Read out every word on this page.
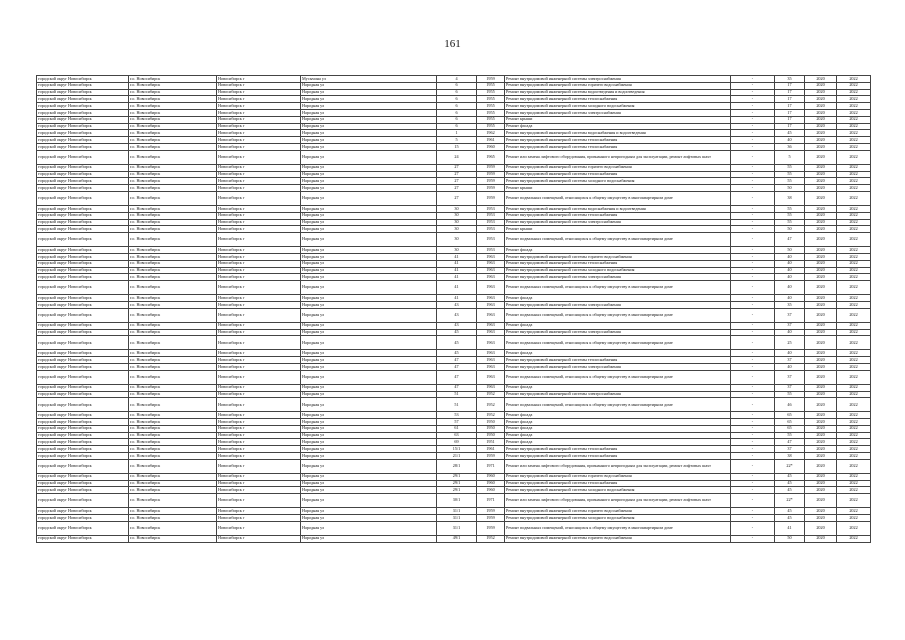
161
городской округ Новосибирск	г.о. Новосибирск	Новосибирск г	Мусычина ул	4	1959	Ремонт внутридомовой инженерной системы электроснабжения	-	35	2020	2022
городской округ Новосибирск	г.о. Новосибирск	Новосибирск г	Народная ул	6	1955	Ремонт внутридомовой инженерной системы горячего водоснабжения	-	17	2020	2022
городской округ Новосибирск	г.о. Новосибирск	Новосибирск г	Народная ул	6	1955	Ремонт внутридомовой инженерной системы водоотведения и водоотведения	-	17	2020	2022
городской округ Новосибирск	г.о. Новосибирск	Новосибирск г	Народная ул	6	1955	Ремонт внутридомовой инженерной системы теплоснабжения	-	17	2020	2022
городской округ Новосибирск	г.о. Новосибирск	Новосибирск г	Народная ул	6	1955	Ремонт внутридомовой инженерной системы холодного водоснабжения	-	17	2020	2022
городской округ Новосибирск	г.о. Новосибирск	Новосибирск г	Народная ул	6	1955	Ремонт внутридомовой инженерной системы электроснабжения	-	17	2020	2022
городской округ Новосибирск	г.о. Новосибирск	Новосибирск г	Народная ул	6	1955	Ремонт крыши	-	17	2020	2022
городской округ Новосибирск	г.о. Новосибирск	Новосибирск г	Народная ул	6	1955	Ремонт фасада	-	17	2020	2022
городской округ Новосибирск	г.о. Новосибирск	Новосибирск г	Народная ул	1	1962	Ремонт внутридомовой инженерной системы водоснабжения и водоотведения	-	45	2020	2022
городской округ Новосибирск	г.о. Новосибирск	Новосибирск г	Народная ул	5	1961	Ремонт внутридомовой инженерной системы теплоснабжения	-	40	2020	2022
городской округ Новосибирск	г.о. Новосибирск	Новосибирск г	Народная ул	15	1960	Ремонт внутридомовой инженерной системы теплоснабжения	-	36	2020	2022
городской округ Новосибирск	г.о. Новосибирск	Новосибирск г	Народная ул	24	1965	Ремонт или замена лифтового оборудования, признанного непригодным для эксплуатации, ремонт лифтовых шахт	-	5	2020	2022
городской округ Новосибирск	г.о. Новосибирск	Новосибирск г	Народная ул	27	1959	Ремонт внутридомовой инженерной системы горячего водоснабжения	-	55	2020	2022
городской округ Новосибирск	г.о. Новосибирск	Новосибирск г	Народная ул	27	1959	Ремонт внутридомовой инженерной системы теплоснабжения	-	55	2020	2022
городской округ Новосибирск	г.о. Новосибирск	Новосибирск г	Народная ул	27	1959	Ремонт внутридомовой инженерной системы холодного водоснабжения	-	55	2020	2022
городской округ Новосибирск	г.о. Новосибирск	Новосибирск г	Народная ул	27	1959	Ремонт крыши	-	50	2020	2022
городской округ Новосибирск	г.о. Новосибирск	Новосибирск г	Народная ул	27	1959	Ремонт подвальных помещений, относящихся к общему имуществу в многоквартирном доме	-	38	2020	2022
городской округ Новосибирск	г.о. Новосибирск	Новосибирск г	Народная ул	30	1953	Ремонт внутридомовой инженерной системы водоснабжения и водоотведения	-	55	2020	2022
городской округ Новосибирск	г.о. Новосибирск	Новосибирск г	Народная ул	30	1953	Ремонт внутридомовой инженерной системы теплоснабжения	-	55	2020	2022
городской округ Новосибирск	г.о. Новосибирск	Новосибирск г	Народная ул	30	1953	Ремонт внутридомовой инженерной системы электроснабжения	-	55	2020	2022
городской округ Новосибирск	г.о. Новосибирск	Новосибирск г	Народная ул	30	1953	Ремонт крыши	-	50	2020	2022
городской округ Новосибирск	г.о. Новосибирск	Новосибирск г	Народная ул	30	1953	Ремонт подвальных помещений, относящихся к общему имуществу в многоквартирном доме	-	47	2020	2022
городской округ Новосибирск	г.о. Новосибирск	Новосибирск г	Народная ул	30	1953	Ремонт фасада	-	50	2020	2022
городской округ Новосибирск	г.о. Новосибирск	Новосибирск г	Народная ул	41	1963	Ремонт внутридомовой инженерной системы горячего водоснабжения	-	40	2020	2022
городской округ Новосибирск	г.о. Новосибирск	Новосибирск г	Народная ул	41	1963	Ремонт внутридомовой инженерной системы теплоснабжения	-	40	2020	2022
городской округ Новосибирск	г.о. Новосибирск	Новосибирск г	Народная ул	41	1963	Ремонт внутридомовой инженерной системы холодного водоснабжения	-	40	2020	2022
городской округ Новосибирск	г.о. Новосибирск	Новосибирск г	Народная ул	41	1963	Ремонт внутридомовой инженерной системы электроснабжения	-	40	2020	2022
городской округ Новосибирск	г.о. Новосибирск	Новосибирск г	Народная ул	41	1963	Ремонт подвальных помещений, относящихся к общему имуществу в многоквартирном доме	-	40	2020	2022
городской округ Новосибирск	г.о. Новосибирск	Новосибирск г	Народная ул	41	1963	Ремонт фасада	-	40	2020	2022
городской округ Новосибирск	г.о. Новосибирск	Новосибирск г	Народная ул	43	1963	Ремонт внутридомовой инженерной системы электроснабжения	-	35	2020	2022
городской округ Новосибирск	г.о. Новосибирск	Новосибирск г	Народная ул	43	1963	Ремонт подвальных помещений, относящихся к общему имуществу в многоквартирном доме	-	37	2020	2022
городской округ Новосибирск	г.о. Новосибирск	Новосибирск г	Народная ул	43	1963	Ремонт фасада	-	37	2020	2022
городской округ Новосибирск	г.о. Новосибирск	Новосибирск г	Народная ул	45	1963	Ремонт внутридомовой инженерной системы электроснабжения	-	40	2020	2022
городской округ Новосибирск	г.о. Новосибирск	Новосибирск г	Народная ул	45	1963	Ремонт подвальных помещений, относящихся к общему имуществу в многоквартирном доме	-	25	2020	2022
городской округ Новосибирск	г.о. Новосибирск	Новосибирск г	Народная ул	45	1963	Ремонт фасада	-	40	2020	2022
городской округ Новосибирск	г.о. Новосибирск	Новосибирск г	Народная ул	47	1963	Ремонт внутридомовой инженерной системы теплоснабжения	-	37	2020	2022
городской округ Новосибирск	г.о. Новосибирск	Новосибирск г	Народная ул	47	1963	Ремонт внутридомовой инженерной системы электроснабжения	-	40	2020	2022
городской округ Новосибирск	г.о. Новосибирск	Новосибирск г	Народная ул	47	1963	Ремонт подвальных помещений, относящихся к общему имуществу в многоквартирном доме	-	37	2020	2022
городской округ Новосибирск	г.о. Новосибирск	Новосибирск г	Народная ул	47	1963	Ремонт фасада	-	37	2020	2022
городской округ Новосибирск	г.о. Новосибирск	Новосибирск г	Народная ул	51	1952	Ремонт внутридомовой инженерной системы электроснабжения	-	55	2020	2022
городской округ Новосибирск	г.о. Новосибирск	Новосибирск г	Народная ул	51	1952	Ремонт подвальных помещений, относящихся к общему имуществу в многоквартирном доме	-	46	2020	2022
городской округ Новосибирск	г.о. Новосибирск	Новосибирск г	Народная ул	53	1952	Ремонт фасада	-	65	2020	2022
городской округ Новосибирск	г.о. Новосибирск	Новосибирск г	Народная ул	57	1950	Ремонт фасада	-	65	2020	2022
городской округ Новосибирск	г.о. Новосибирск	Новосибирск г	Народная ул	61	1950	Ремонт фасада	-	65	2020	2022
городской округ Новосибирск	г.о. Новосибирск	Новосибирск г	Народная ул	63	1950	Ремонт фасада	-	55	2020	2022
городской округ Новосибирск	г.о. Новосибирск	Новосибирск г	Народная ул	69	1951	Ремонт фасада	-	47	2020	2022
городской округ Новосибирск	г.о. Новосибирск	Новосибирск г	Народная ул	15/1	1961	Ремонт внутридомовой инженерной системы теплоснабжения	-	37	2020	2022
городской округ Новосибирск	г.о. Новосибирск	Новосибирск г	Народная ул	21/1	1959	Ремонт внутридомовой инженерной системы теплоснабжения	-	38	2020	2022
городской округ Новосибирск	г.о. Новосибирск	Новосибирск г	Народная ул	28/1	1971	Ремонт или замена лифтового оборудования, признанного непригодным для эксплуатации, ремонт лифтовых шахт	-	22*	2020	2022
городской округ Новосибирск	г.о. Новосибирск	Новосибирск г	Народная ул	29/1	1960	Ремонт внутридомовой инженерной системы горячего водоснабжения	-	45	2020	2022
городской округ Новосибирск	г.о. Новосибирск	Новосибирск г	Народная ул	29/1	1960	Ремонт внутридомовой инженерной системы теплоснабжения	-	45	2020	2022
городской округ Новосибирск	г.о. Новосибирск	Новосибирск г	Народная ул	29/1	1960	Ремонт внутридомовой инженерной системы холодного водоснабжения	-	45	2020	2022
городской округ Новосибирск	г.о. Новосибирск	Новосибирск г	Народная ул	30/1	1971	Ремонт или замена лифтового оборудования, признанного непригодным для эксплуатации, ремонт лифтовых шахт	-	22*	2020	2022
городской округ Новосибирск	г.о. Новосибирск	Новосибирск г	Народная ул	31/1	1959	Ремонт внутридомовой инженерной системы горячего водоснабжения	-	45	2020	2022
городской округ Новосибирск	г.о. Новосибирск	Новосибирск г	Народная ул	31/1	1959	Ремонт внутридомовой инженерной системы холодного водоснабжения	-	45	2020	2022
городской округ Новосибирск	г.о. Новосибирск	Новосибирск г	Народная ул	31/1	1959	Ремонт подвальных помещений, относящихся к общему имуществу в многоквартирном доме	-	41	2020	2022
городской округ Новосибирск	г.о. Новосибирск	Новосибирск г	Народная ул	49/1	1952	Ремонт внутридомовой инженерной системы горячего водоснабжения	-	50	2020	2022
